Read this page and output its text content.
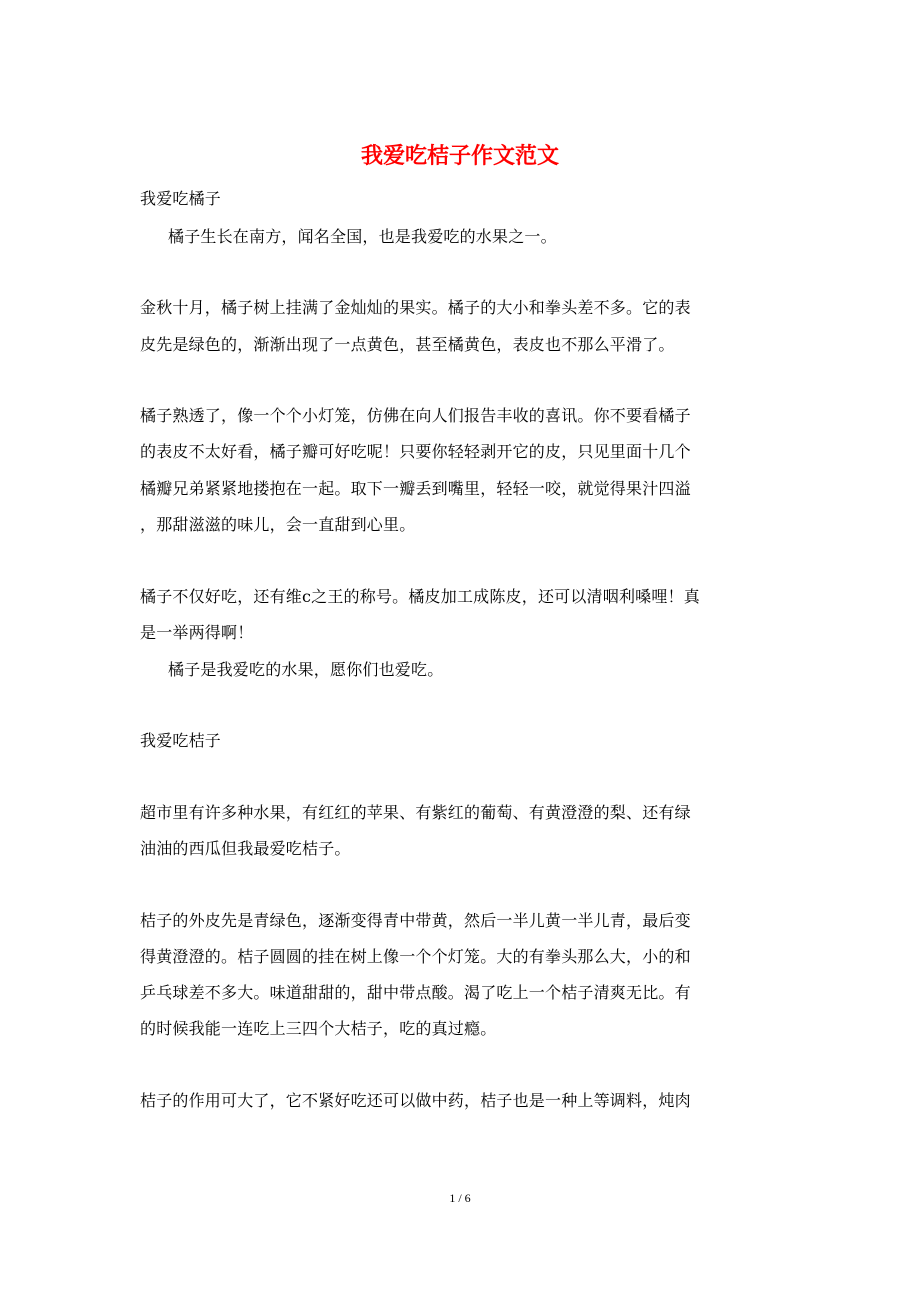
我爱吃桔子作文范文
我爱吃橘子
橘子生长在南方，闻名全国，也是我爱吃的水果之一。
金秋十月，橘子树上挂满了金灿灿的果实。橘子的大小和拳头差不多。它的表
皮先是绿色的，渐渐出现了一点黄色，甚至橘黄色，表皮也不那么平滑了。
橘子熟透了，像一个个小灯笼，仿佛在向人们报告丰收的喜讯。你不要看橘子
的表皮不太好看，橘子瓣可好吃呢！只要你轻轻剥开它的皮，只见里面十几个
橘瓣兄弟紧紧地搂抱在一起。取下一瓣丢到嘴里，轻轻一咬，就觉得果汁四溢
，那甜滋滋的味儿，会一直甜到心里。
橘子不仅好吃，还有维c之王的称号。橘皮加工成陈皮，还可以清咽利嗓哩！真
是一举两得啊！
橘子是我爱吃的水果，愿你们也爱吃。
我爱吃桔子
超市里有许多种水果，有红红的苹果、有紫红的葡萄、有黄澄澄的梨、还有绿
油油的西瓜但我最爱吃桔子。
桔子的外皮先是青绿色，逐渐变得青中带黄，然后一半儿黄一半儿青，最后变
得黄澄澄的。桔子圆圆的挂在树上像一个个灯笼。大的有拳头那么大，小的和
乒乓球差不多大。味道甜甜的，甜中带点酸。渴了吃上一个桔子清爽无比。有
的时候我能一连吃上三四个大桔子，吃的真过瘾。
桔子的作用可大了，它不紧好吃还可以做中药，桔子也是一种上等调料，炖肉
1 / 6
